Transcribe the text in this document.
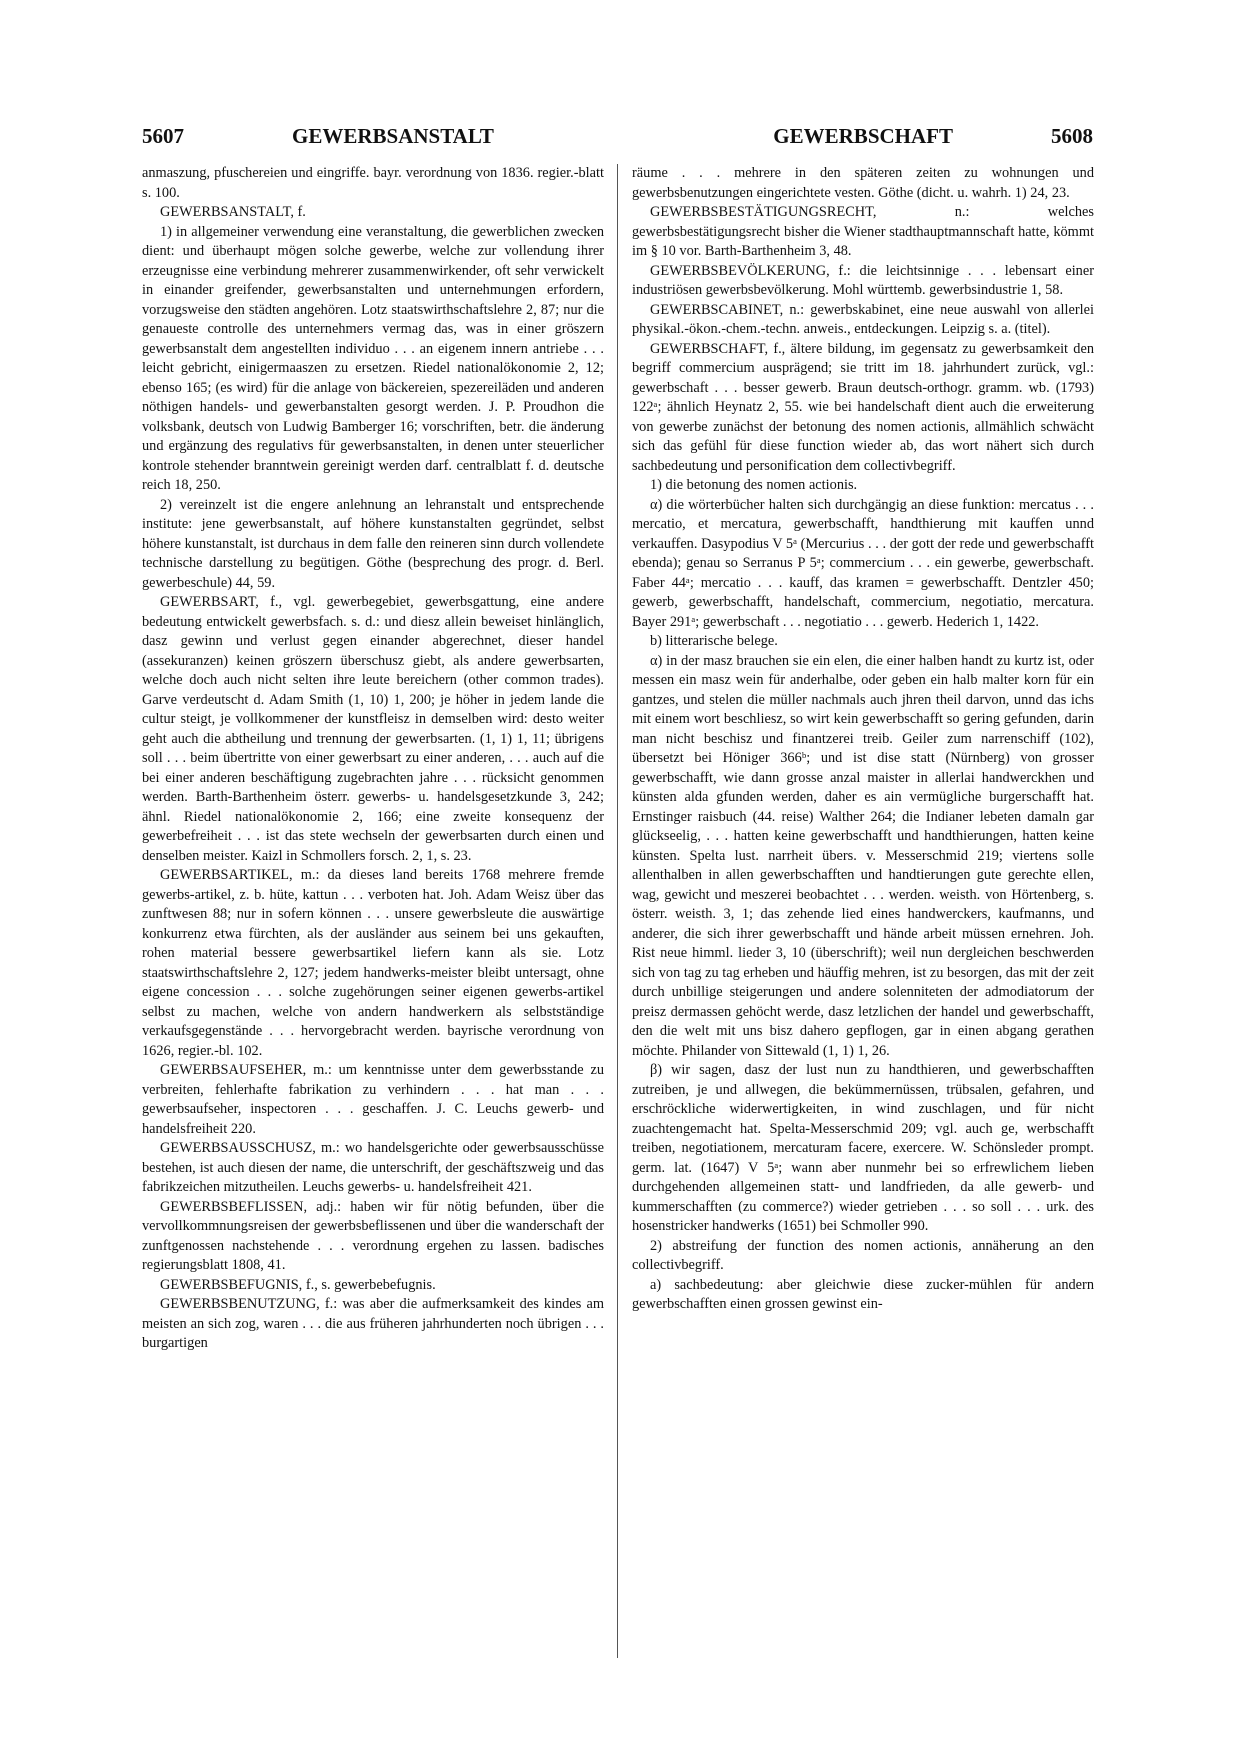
5607	GEWERBSANSTALT	GEWERBSCHAFT	5608

anmaszung, pfuschereien und eingriffe. bayr. verordnung von 1836. regier.-blatt s. 100.

GEWERBSANSTALT, f.

1) in allgemeiner verwendung eine veranstaltung, die gewerblichen zwecken dient: und überhaupt mögen solche gewerbe, welche zur vollendung ihrer erzeugnisse eine verbindung mehrerer zusammenwirkender, oft sehr verwickelt in einander greifender, gewerbsanstalten und unternehmungen erfordern, vorzugsweise den städten angehören. Lotz staatswirthschaftslehre 2, 87; nur die genaueste controlle des unternehmers vermag das, was in einer gröszern gewerbsanstalt dem angestellten individuo . . . an eigenem innern antriebe . . . leicht gebricht, einigermaaszen zu ersetzen. Riedel nationalökonomie 2, 12; ebenso 165; (es wird) für die anlage von bäckereien, spezereiläden und anderen nöthigen handels- und gewerbanstalten gesorgt werden. J. P. Proudhon die volksbank, deutsch von Ludwig Bamberger 16; vorschriften, betr. die änderung und ergänzung des regulativs für gewerbsanstalten, in denen unter steuerlicher kontrole stehender branntwein gereinigt werden darf. centralblatt f. d. deutsche reich 18, 250.

2) vereinzelt ist die engere anlehnung an lehranstalt und entsprechende institute: jene gewerbsanstalt, auf höhere kunstanstalten gegründet, selbst höhere kunstanstalt, ist durchaus in dem falle den reineren sinn durch vollendete technische darstellung zu begütigen. Göthe (besprechung des progr. d. Berl. gewerbeschule) 44, 59.

GEWERBSART, f., vgl. gewerbegebiet, gewerbsgattung, eine andere bedeutung entwickelt gewerbsfach. s. d.: und diesz allein beweiset hinlänglich, dasz gewinn und verlust gegen einander abgerechnet, dieser handel (assekuranzen) keinen gröszern überschusz giebt, als andere gewerbsarten, welche doch auch nicht selten ihre leute bereichern (other common trades). Garve verdeutscht d. Adam Smith (1, 10) 1, 200; je höher in jedem lande die cultur steigt, je vollkommener der kunstfleisz in demselben wird: desto weiter geht auch die abtheilung und trennung der gewerbsarten. (1, 1) 1, 11; übrigens soll . . . beim übertritte von einer gewerbsart zu einer anderen, . . . auch auf die bei einer anderen beschäftigung zugebrachten jahre . . . rücksicht genommen werden. Barth-Barthenheim österr. gewerbs- u. handelsgesetzkunde 3, 242; ähnl. Riedel nationalökonomie 2, 166; eine zweite konsequenz der gewerbefreiheit . . . ist das stete wechseln der gewerbsarten durch einen und denselben meister. Kaizl in Schmollers forsch. 2, 1, s. 23.

GEWERBSARTIKEL, m.: da dieses land bereits 1768 mehrere fremde gewerbs-artikel, z. b. hüte, kattun . . . verboten hat. Joh. Adam Weisz über das zunftwesen 88; nur in sofern können . . . unsere gewerbsleute die auswärtige konkurrenz etwa fürchten, als der ausländer aus seinem bei uns gekauften, rohen material bessere gewerbsartikel liefern kann als sie. Lotz staatswirthschaftslehre 2, 127; jedem handwerks-meister bleibt untersagt, ohne eigene concession . . . solche zugehörungen seiner eigenen gewerbs-artikel selbst zu machen, welche von andern handwerkern als selbstständige verkaufsgegenstände . . . hervorgebracht werden. bayrische verordnung von 1626, regier.-bl. 102.

GEWERBSAUFSEHER, m.: um kenntnisse unter dem gewerbsstande zu verbreiten, fehlerhafte fabrikation zu verhindern . . . hat man . . . gewerbsaufseher, inspectoren . . . geschaffen. J. C. Leuchs gewerb- und handelsfreiheit 220.

GEWERBSAUSSCHUSZ, m.: wo handelsgerichte oder gewerbsausschüsse bestehen, ist auch diesen der name, die unterschrift, der geschäftszweig und das fabrikzeichen mitzutheilen. Leuchs gewerbs- u. handelsfreiheit 421.

GEWERBSBEFLISSEN, adj.: haben wir für nötig befunden, über die vervollkommnungsreisen der gewerbsbeflissenen und über die wanderschaft der zunftgenossen nachstehende . . . verordnung ergehen zu lassen. badisches regierungsblatt 1808, 41.

GEWERBSBEFUGNIS, f., s. gewerbebefugnis.

GEWERBSBENUTZUNG, f.: was aber die aufmerksamkeit des kindes am meisten an sich zog, waren . . . die aus früheren jahrhunderten noch übrigen . . . burgartigen

räume . . . mehrere in den späteren zeiten zu wohnungen und gewerbsbenutzungen eingerichtete vesten. Göthe (dicht. u. wahrh. 1) 24, 23.

GEWERBSBESTÄTIGUNGSRECHT, n.: welches gewerbsbestätigungsrecht bisher die Wiener stadthauptmannschaft hatte, kömmt im § 10 vor. Barth-Barthenheim 3, 48.

GEWERBSBEVÖLKERUNG, f.: die leichtsinnige . . . lebensart einer industriösen gewerbsbevölkerung. Mohl württemb. gewerbsindustrie 1, 58.

GEWERBSCABINET, n.: gewerbskabinet, eine neue auswahl von allerlei physikal.-ökon.-chem.-techn. anweis., entdeckungen. Leipzig s. a. (titel).

GEWERBSCHAFT, f., ältere bildung, im gegensatz zu gewerbsamkeit den begriff commercium ausprägend; sie tritt im 18. jahrhundert zurück, vgl.: gewerbschaft . . . besser gewerb. Braun deutsch-orthogr. gramm. wb. (1793) 122ᵃ; ähnlich Heynatz 2, 55. wie bei handelschaft dient auch die erweiterung von gewerbe zunächst der betonung des nomen actionis, allmählich schwächt sich das gefühl für diese function wieder ab, das wort nähert sich durch sachbedeutung und personification dem collectivbegriff.

1) die betonung des nomen actionis.

α) die wörterbücher halten sich durchgängig an diese funktion: mercatus . . . mercatio, et mercatura, gewerbschafft, handthierung mit kauffen unnd verkauffen. Dasypodius V 5ᵃ (Mercurius . . . der gott der rede und gewerbschafft ebenda); genau so Serranus P 5ᵃ; commercium . . . ein gewerbe, gewerbschaft. Faber 44ᵃ; mercatio . . . kauff, das kramen = gewerbschafft. Dentzler 450; gewerb, gewerbschafft, handelschaft, commercium, negotiatio, mercatura. Bayer 291ᵃ; gewerbschaft . . . negotiatio . . . gewerb. Hederich 1, 1422.

b) litterarische belege.

α) in der masz brauchen sie ein elen, die einer halben handt zu kurtz ist, oder messen ein masz wein für anderhalbe, oder geben ein halb malter korn für ein gantzes, und stelen die müller nachmals auch jhren theil darvon, unnd das ichs mit einem wort beschliesz, so wirt kein gewerbschafft so gering gefunden, darin man nicht beschisz und finantzerei treib. Geiler zum narrenschiff (102), übersetzt bei Höniger 366ᵇ; und ist dise statt (Nürnberg) von grosser gewerbschafft, wie dann grosse anzal maister in allerlai handwerckhen und künsten alda gfunden werden, daher es ain vermügliche burgerschafft hat. Ernstinger raisbuch (44. reise) Walther 264; die Indianer lebeten damaln gar glückseelig, . . . hatten keine gewerbschafft und handthierungen, hatten keine künsten. Spelta lust. narrheit übers. v. Messerschmid 219; viertens solle allenthalben in allen gewerbschafften und handtierungen gute gerechte ellen, wag, gewicht und meszerei beobachtet . . . werden. weisth. von Hörtenberg, s. österr. weisth. 3, 1; das zehende lied eines handwerckers, kaufmanns, und anderer, die sich ihrer gewerbschafft und hände arbeit müssen ernehren. Joh. Rist neue himml. lieder 3, 10 (überschrift); weil nun dergleichen beschwerden sich von tag zu tag erheben und häuffig mehren, ist zu besorgen, das mit der zeit durch unbillige steigerungen und andere solenniteten der admodiatorum der preisz dermassen gehöcht werde, dasz letzlichen der handel und gewerbschafft, den die welt mit uns bisz dahero gepflogen, gar in einen abgang gerathen möchte. Philander von Sittewald (1, 1) 1, 26.

β) wir sagen, dasz der lust nun zu handthieren, und gewerbschafften zutreiben, je und allwegen, die bekümmernüssen, trübsalen, gefahren, und erschröckliche widerwertigkeiten, in wind zuschlagen, und für nicht zuachtengemacht hat. Spelta-Messerschmid 209; vgl. auch ge, werbschafft treiben, negotiationem, mercaturam facere, exercere. W. Schönsleder prompt. germ. lat. (1647) V 5ᵃ; wann aber nunmehr bei so erfrewlichem lieben durchgehenden allgemeinen statt- und landfrieden, da alle gewerb- und kummerschafften (zu commerce?) wieder getrieben . . . so soll . . . urk. des hosenstricker handwerks (1651) bei Schmoller 990.

2) abstreifung der function des nomen actionis, annäherung an den collectivbegriff.

a) sachbedeutung: aber gleichwie diese zucker-mühlen für andern gewerbschafften einen grossen gewinst ein-
